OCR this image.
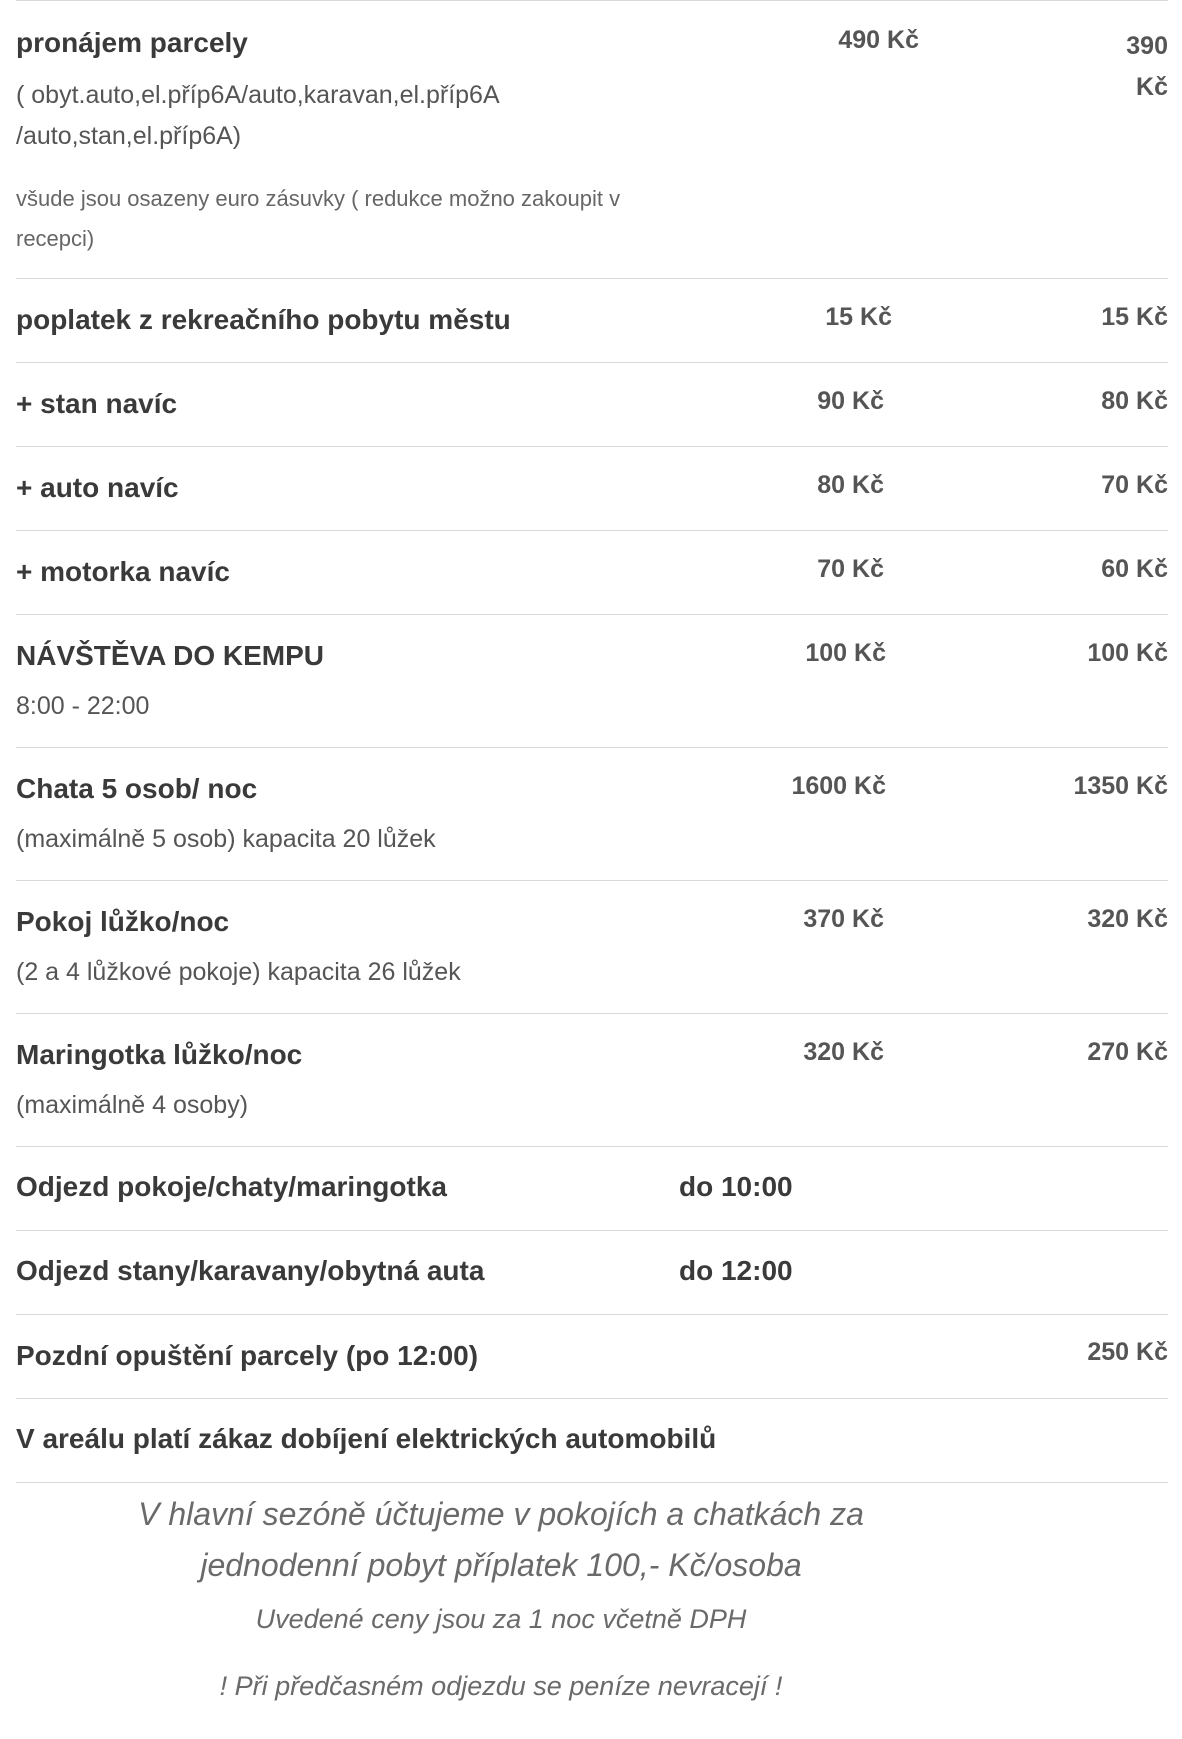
pronájem parcely
( obyt.auto,el.příp6A/auto,karavan,el.příp6A /auto,stan,el.příp6A)
všude jsou osazeny euro zásuvky ( redukce možno zakoupit v recepci)
490 Kč	390 Kč
poplatek z rekreačního pobytu městu	15 Kč	15 Kč
+ stan navíc	90 Kč	80 Kč
+ auto navíc	80 Kč	70 Kč
+ motorka navíc	70 Kč	60 Kč
NÁVŠTĚVA DO KEMPU
8:00 - 22:00
100 Kč	100 Kč
Chata 5 osob/ noc
(maximálně 5 osob) kapacita 20 lůžek
1600 Kč	1350 Kč
Pokoj lůžko/noc
(2 a 4 lůžkové pokoje) kapacita 26 lůžek
370 Kč	320 Kč
Maringotka lůžko/noc
(maximálně 4 osoby)
320 Kč	270 Kč
Odjezd pokoje/chaty/maringotka	do 10:00
Odjezd stany/karavany/obytná auta	do 12:00
Pozdní opuštění parcely (po 12:00)	250 Kč
V areálu platí zákaz dobíjení elektrických automobilů
V hlavní sezóně účtujeme v pokojích a chatkách za jednodenní pobyt příplatek 100,- Kč/osoba
Uvedené ceny jsou za 1 noc včetně DPH
! Při předčasném odjezdu se peníze nevracejí !
